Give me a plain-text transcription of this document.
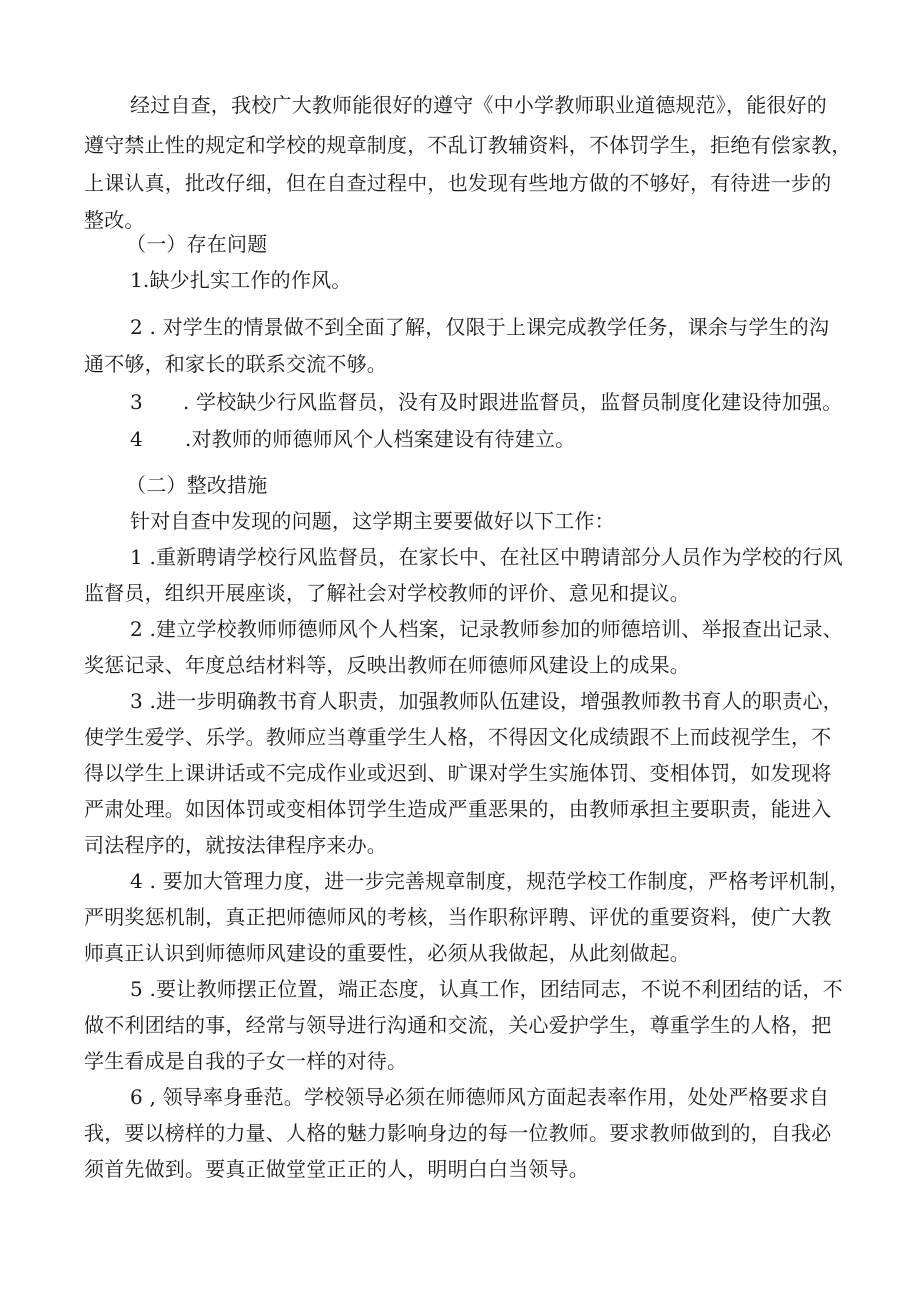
经过自查，我校广大教师能很好的遵守《中小学教师职业道德规范》，能很好的
遵守禁止性的规定和学校的规章制度，不乱订教辅资料，不体罚学生，拒绝有偿家教，
上课认真，批改仔细，但在自查过程中，也发现有些地方做的不够好，有待进一步的
整改。
（一）存在问题
1.缺少扎实工作的作风。
2 . 对学生的情景做不到全面了解，仅限于上课完成教学任务，课余与学生的沟
通不够，和家长的联系交流不够。
3 . 学校缺少行风监督员，没有及时跟进监督员，监督员制度化建设待加强。
4 .对教师的师德师风个人档案建设有待建立。
（二）整改措施
针对自查中发现的问题，这学期主要要做好以下工作：
1 .重新聘请学校行风监督员，在家长中、在社区中聘请部分人员作为学校的行风
监督员，组织开展座谈，了解社会对学校教师的评价、意见和提议。
2 .建立学校教师师德师风个人档案，记录教师参加的师德培训、举报查出记录、
奖惩记录、年度总结材料等，反映出教师在师德师风建设上的成果。
3 .进一步明确教书育人职责，加强教师队伍建设，增强教师教书育人的职责心，
使学生爱学、乐学。教师应当尊重学生人格，不得因文化成绩跟不上而歧视学生，不
得以学生上课讲话或不完成作业或迟到、旷课对学生实施体罚、变相体罚，如发现将
严肃处理。如因体罚或变相体罚学生造成严重恶果的，由教师承担主要职责，能进入
司法程序的，就按法律程序来办。
4 . 要加大管理力度，进一步完善规章制度，规范学校工作制度，严格考评机制，
严明奖惩机制，真正把师德师风的考核，当作职称评聘、评优的重要资料，使广大教
师真正认识到师德师风建设的重要性，必须从我做起，从此刻做起。
5 .要让教师摆正位置，端正态度，认真工作，团结同志，不说不利团结的话，不
做不利团结的事，经常与领导进行沟通和交流，关心爱护学生，尊重学生的人格，把
学生看成是自我的子女一样的对待。
6 , 领导率身垂范。学校领导必须在师德师风方面起表率作用，处处严格要求自
我，要以榜样的力量、人格的魅力影响身边的每一位教师。要求教师做到的，自我必
须首先做到。要真正做堂堂正正的人，明明白白当领导。
